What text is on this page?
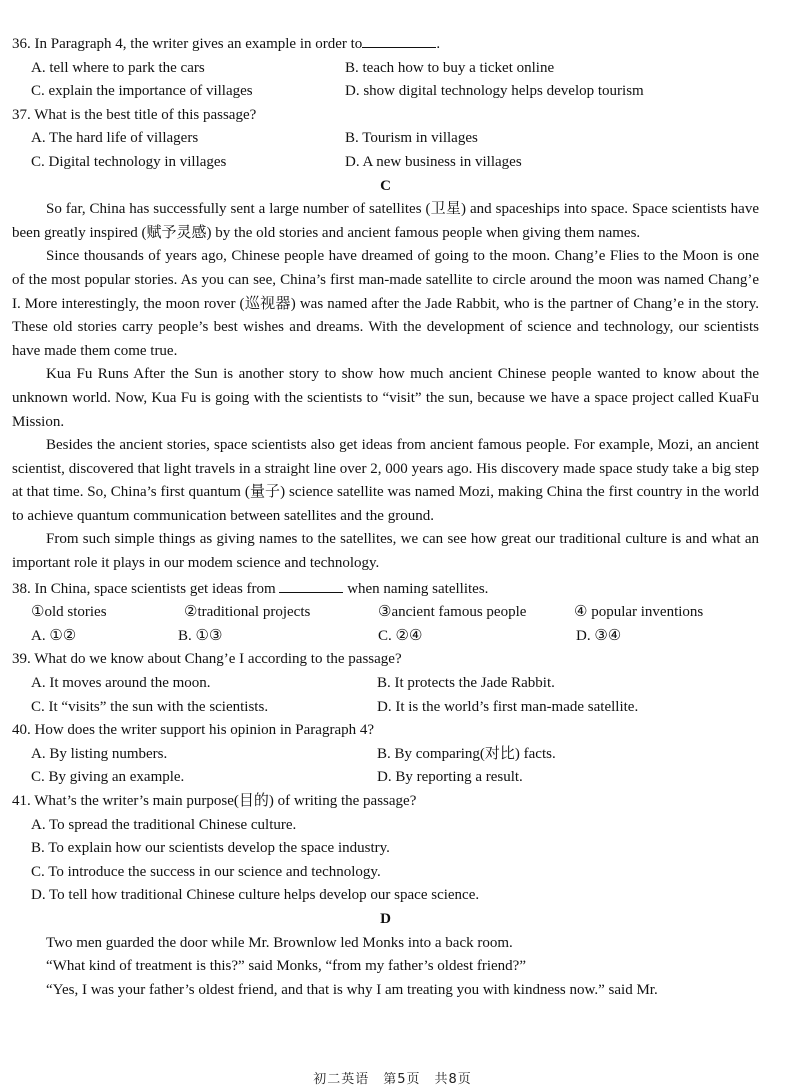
36. In Paragraph 4, the writer gives an example in order to	.

A. tell where to park the cars	B. teach how to buy a ticket online
C. explain the importance of villages	D. show digital technology helps develop tourism

37. What is the best title of this passage?

A. The hard life of villagers	B. Tourism in villages
C. Digital technology in villages	D. A new business in villages

C

So far, China has successfully sent a large number of satellites (卫星) and spaceships into space. Space scientists have been greatly inspired (赋予灵感) by the old stories and ancient famous people when giving them names.

Since thousands of years ago, Chinese people have dreamed of going to the moon. Chang’e Flies to the Moon is one of the most popular stories. As you can see, China’s first man-made satellite to circle around the moon was named Chang’e I. More interestingly, the moon rover (巡视器) was named after the Jade Rabbit, who is the partner of Chang’e in the story. These old stories carry people’s best wishes and dreams. With the development of science and technology, our scientists have made them come true.

Kua Fu Runs After the Sun is another story to show how much ancient Chinese people wanted to know about the unknown world. Now, Kua Fu is going with the scientists to “visit” the sun, because we have a space project called KuaFu Mission.

Besides the ancient stories, space scientists also get ideas from ancient famous people. For example, Mozi, an ancient scientist, discovered that light travels in a straight line over 2, 000 years ago. His discovery made space study take a big step at that time. So, China’s first quantum (量子) science satellite was named Mozi, making China the first country in the world to achieve quantum communication between satellites and the ground.

From such simple things as giving names to the satellites, we can see how great our traditional culture is and what an important role it plays in our modem science and technology.

38. In China, space scientists get ideas from	when naming satellites.

①old stories	②traditional projects	③ancient famous people	④ popular inventions
A. ①②	B. ①③	C. ②④	D. ③④

39. What do we know about Chang’e I according to the passage?

A. It moves around the moon.	B. It protects the Jade Rabbit.
C. It “visits” the sun with the scientists.	D. It is the world’s first man-made satellite.

40. How does the writer support his opinion in Paragraph 4?

A. By listing numbers.	B. By comparing(对比) facts.
C. By giving an example.	D. By reporting a result.

41. What’s the writer’s main purpose(目的) of writing the passage?

A. To spread the traditional Chinese culture.

B. To explain how our scientists develop the space industry.

C. To introduce the success in our science and technology.

D. To tell how traditional Chinese culture helps develop our space science.

D

Two men guarded the door while Mr. Brownlow led Monks into a back room.

“What kind of treatment is this?” said Monks, “from my father’s oldest friend?”

“Yes, I was your father’s oldest friend, and that is why I am treating you with kindness now.” said Mr.

初二英语　第5页　共8页
